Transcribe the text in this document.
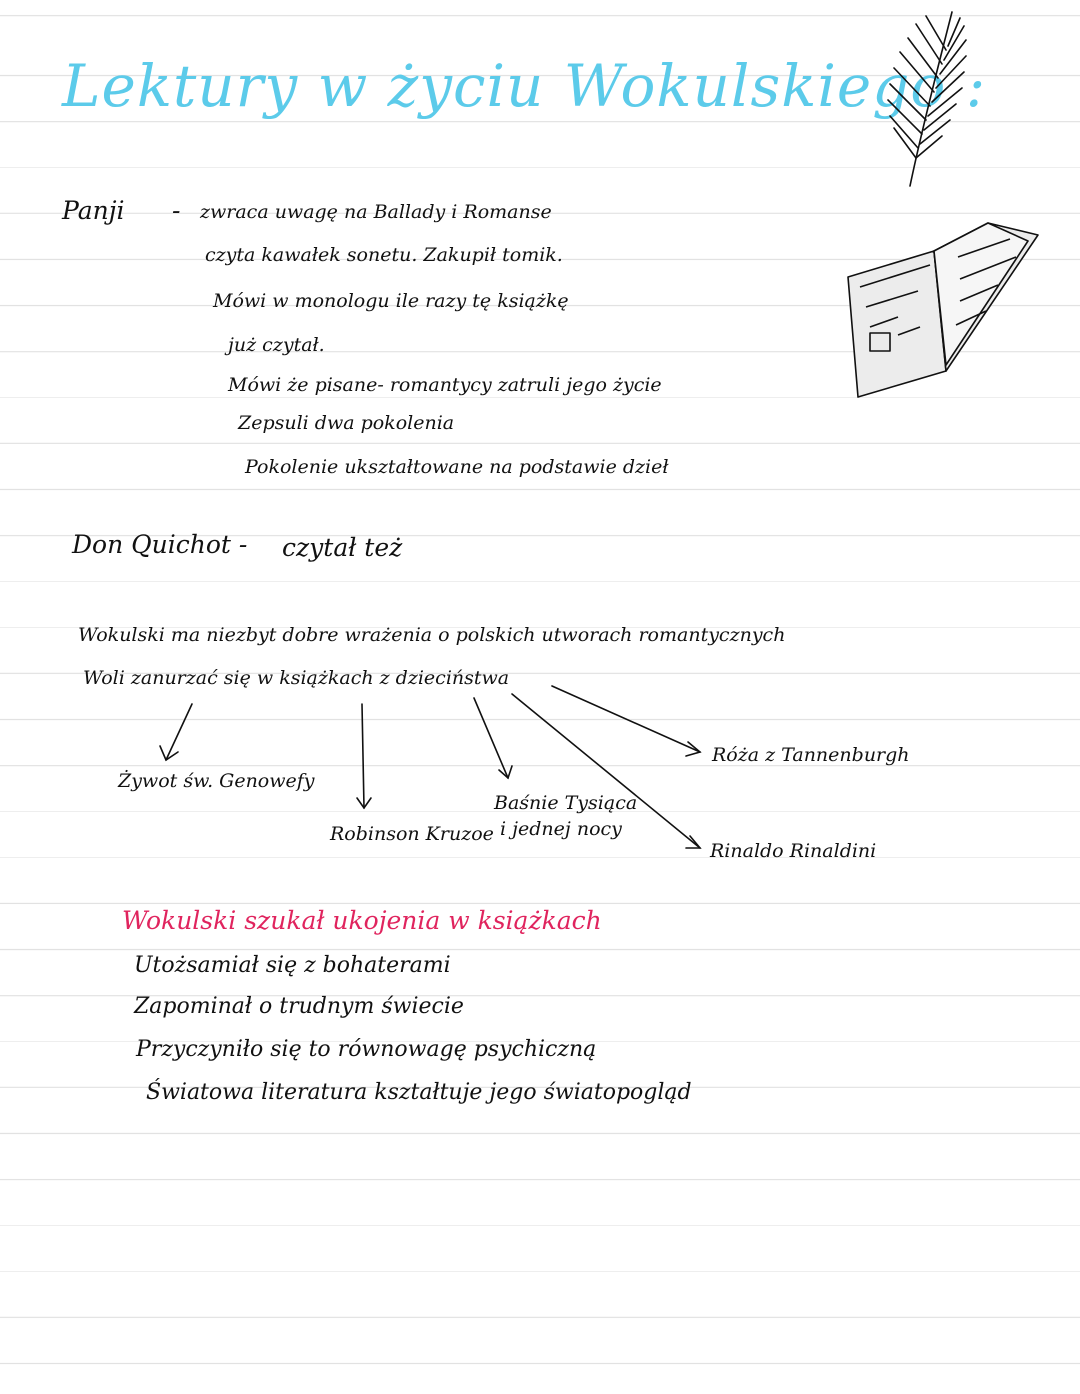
Lektury w życiu Wokulskiego :
Panji - zwraca uwagę na Ballady i Romanse
czyta kawałek sonetu. Zakupił tomik.
Mówi w monologu ile razy tę książkę
już czytał.
Mówi że pisane- romantycy zatruli jego życie
Zepsuli dwa pokolenia
Pokolenie ukształtowane na podstawie dzieł
Don Quichot - czytał też
Wokulski ma niezbyt dobre wrażenia o polskich utworach romantycznych
Woli zanurzać się w książkach z dzieciństwa
Żywot św. Genowefy
Robinson Kruzoe
Baśnie Tysiąca
i jednej nocy
Róża z Tannenburgh
Rinaldo Rinaldini
Wokulski szukał ukojenia w książkach
Utożsamiał się z bohaterami
Zapominał o trudnym świecie
Przyczyniło się to równowagę psychiczną
Światowa literatura kształtuje jego światopogląd
